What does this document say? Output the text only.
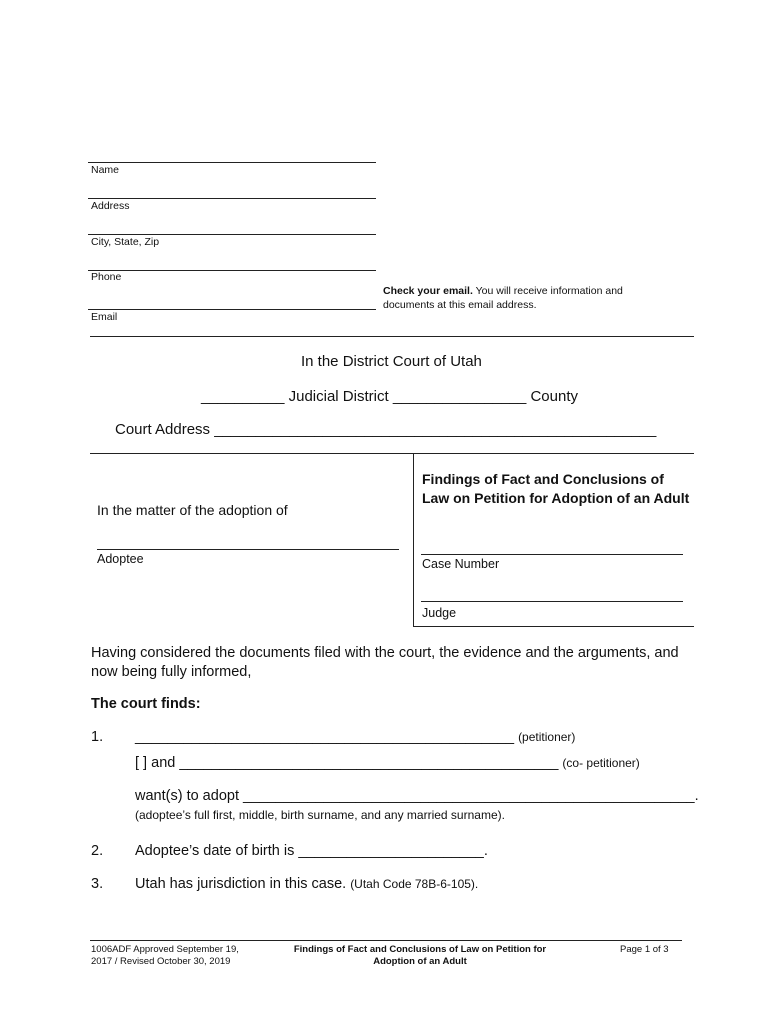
Name
Address
City, State, Zip
Phone
Email
Check your email. You will receive information and
documents at this email address.
In the District Court of Utah
__________ Judicial District ________________ County
Court Address _____________________________________________________
In the matter of the adoption of
Adoptee
Findings of Fact and Conclusions of Law on Petition for Adoption of an Adult
Case Number
Judge
Having considered the documents filed with the court, the evidence and the arguments, and now being fully informed,
The court finds:
1. _______________________________________________ (petitioner)
[ ] and _______________________________________________ (co- petitioner)
want(s) to adopt ________________________________________________________.
(adoptee’s full first, middle, birth surname, and any married surname).
2. Adoptee’s date of birth is _______________________.
3. Utah has jurisdiction in this case. (Utah Code 78B-6-105).
1006ADF Approved September 19,
2017 / Revised October 30, 2019
Findings of Fact and Conclusions of Law on Petition for
Adoption of an Adult
Page 1 of 3
